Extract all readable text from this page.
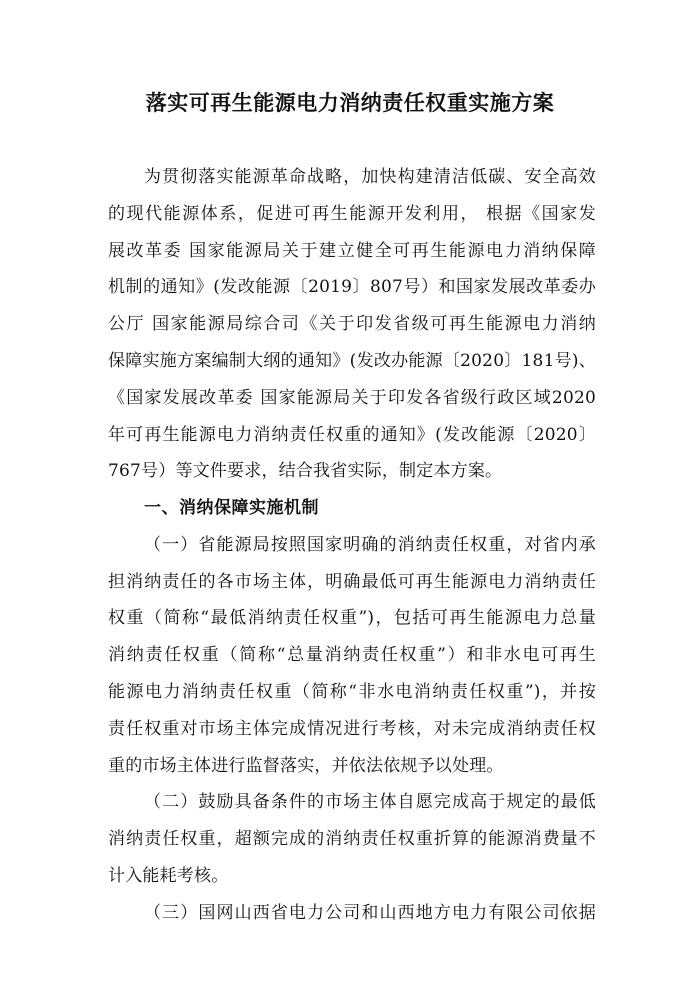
落实可再生能源电力消纳责任权重实施方案
为贯彻落实能源革命战略，加快构建清洁低碳、安全高效
的现代能源体系，促进可再生能源开发利用， 根据《国家发
展改革委 国家能源局关于建立健全可再生能源电力消纳保障
机制的通知》(发改能源〔2019〕807号）和国家发展改革委办
公厅 国家能源局综合司《关于印发省级可再生能源电力消纳
保障实施方案编制大纲的通知》(发改办能源〔2020〕181号)、
《国家发展改革委 国家能源局关于印发各省级行政区域2020
年可再生能源电力消纳责任权重的通知》(发改能源〔2020〕
767号）等文件要求，结合我省实际，制定本方案。
一、消纳保障实施机制
（一）省能源局按照国家明确的消纳责任权重，对省内承
担消纳责任的各市场主体，明确最低可再生能源电力消纳责任
权重（简称“最低消纳责任权重”)，包括可再生能源电力总量
消纳责任权重（简称“总量消纳责任权重”）和非水电可再生
能源电力消纳责任权重（简称“非水电消纳责任权重”)，并按
责任权重对市场主体完成情况进行考核，对未完成消纳责任权
重的市场主体进行监督落实，并依法依规予以处理。
（二）鼓励具备条件的市场主体自愿完成高于规定的最低
消纳责任权重，超额完成的消纳责任权重折算的能源消费量不
计入能耗考核。
（三）国网山西省电力公司和山西地方电力有限公司依据
